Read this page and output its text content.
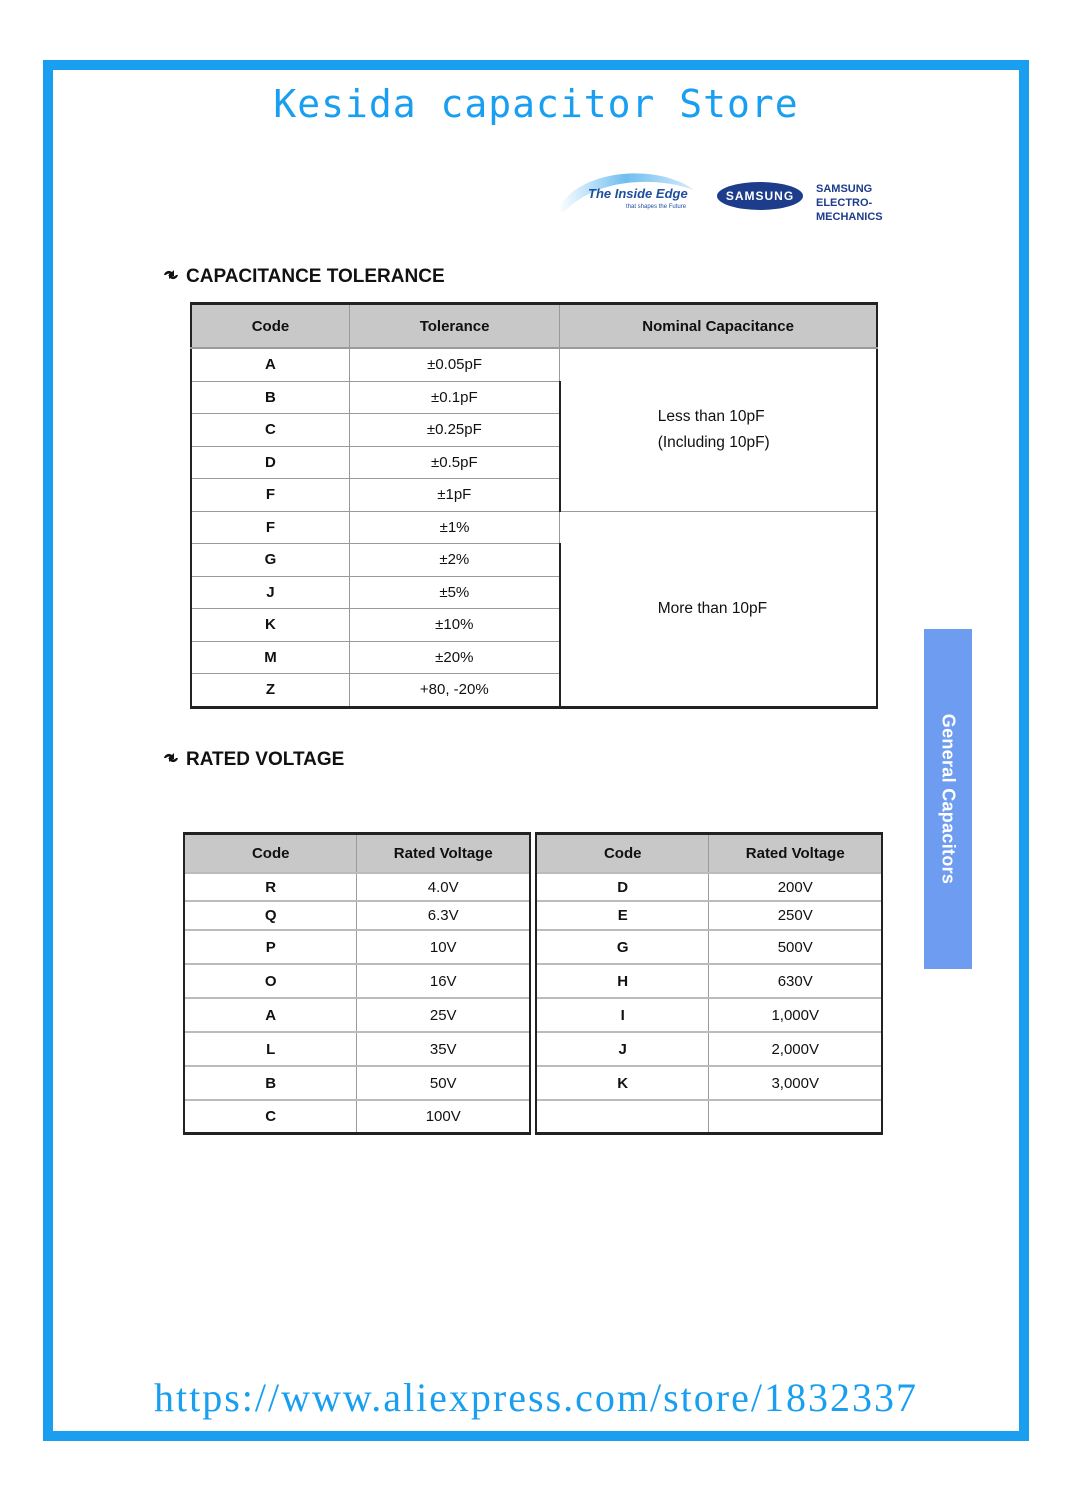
Kesida capacitor Store
The Inside Edge
that shapes the Future
SAMSUNG	SAMSUNG
ELECTRO-MECHANICS
CAPACITANCE TOLERANCE
Code	Tolerance	Nominal Capacitance
A	±0.05pF	Less than 10pF
(Including 10pF)

B	±0.1pF	
C	±0.25pF	
D	±0.5pF	
F	±1pF	
F	±1%	More than 10pF

G	±2%	
J	±5%	
K	±10%	
M	±20%	
Z	+80, -20%	
RATED VOLTAGE
Code	Rated Voltage
R	4.0V
Q	6.3V
P	10V
O	16V
A	25V
L	35V
B	50V
C	100V
Code	Rated Voltage
D	200V
E	250V
G	500V
H	630V
I	1,000V
J	2,000V
K	3,000V

General Capacitors
https://www.aliexpress.com/store/1832337
